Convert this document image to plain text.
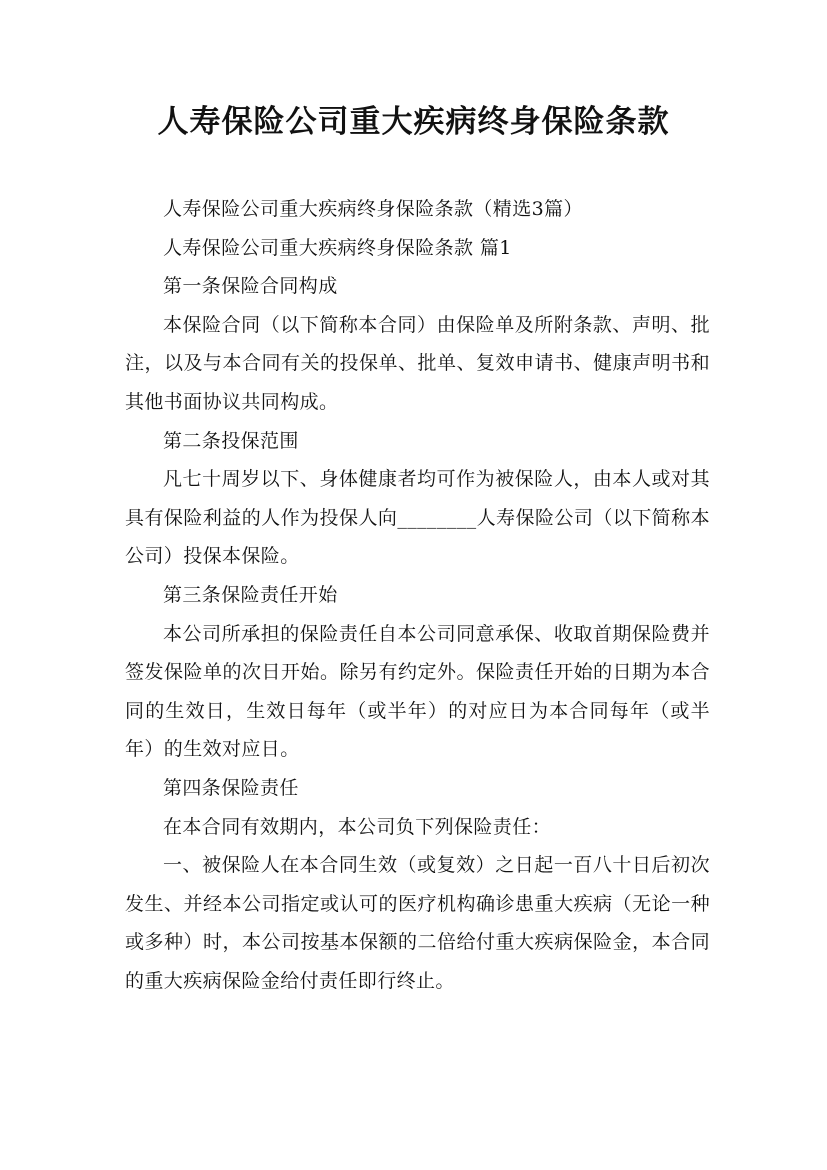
人寿保险公司重大疾病终身保险条款

人寿保险公司重大疾病终身保险条款（精选3篇）

人寿保险公司重大疾病终身保险条款 篇1

第一条保险合同构成

本保险合同（以下简称本合同）由保险单及所附条款、声明、批注，以及与本合同有关的投保单、批单、复效申请书、健康声明书和其他书面协议共同构成。

第二条投保范围

凡七十周岁以下、身体健康者均可作为被保险人，由本人或对其具有保险利益的人作为投保人向________人寿保险公司（以下简称本公司）投保本保险。

第三条保险责任开始

本公司所承担的保险责任自本公司同意承保、收取首期保险费并签发保险单的次日开始。除另有约定外。保险责任开始的日期为本合同的生效日，生效日每年（或半年）的对应日为本合同每年（或半年）的生效对应日。

第四条保险责任

在本合同有效期内，本公司负下列保险责任：

一、被保险人在本合同生效（或复效）之日起一百八十日后初次发生、并经本公司指定或认可的医疗机构确诊患重大疾病（无论一种或多种）时，本公司按基本保额的二倍给付重大疾病保险金，本合同的重大疾病保险金给付责任即行终止。
